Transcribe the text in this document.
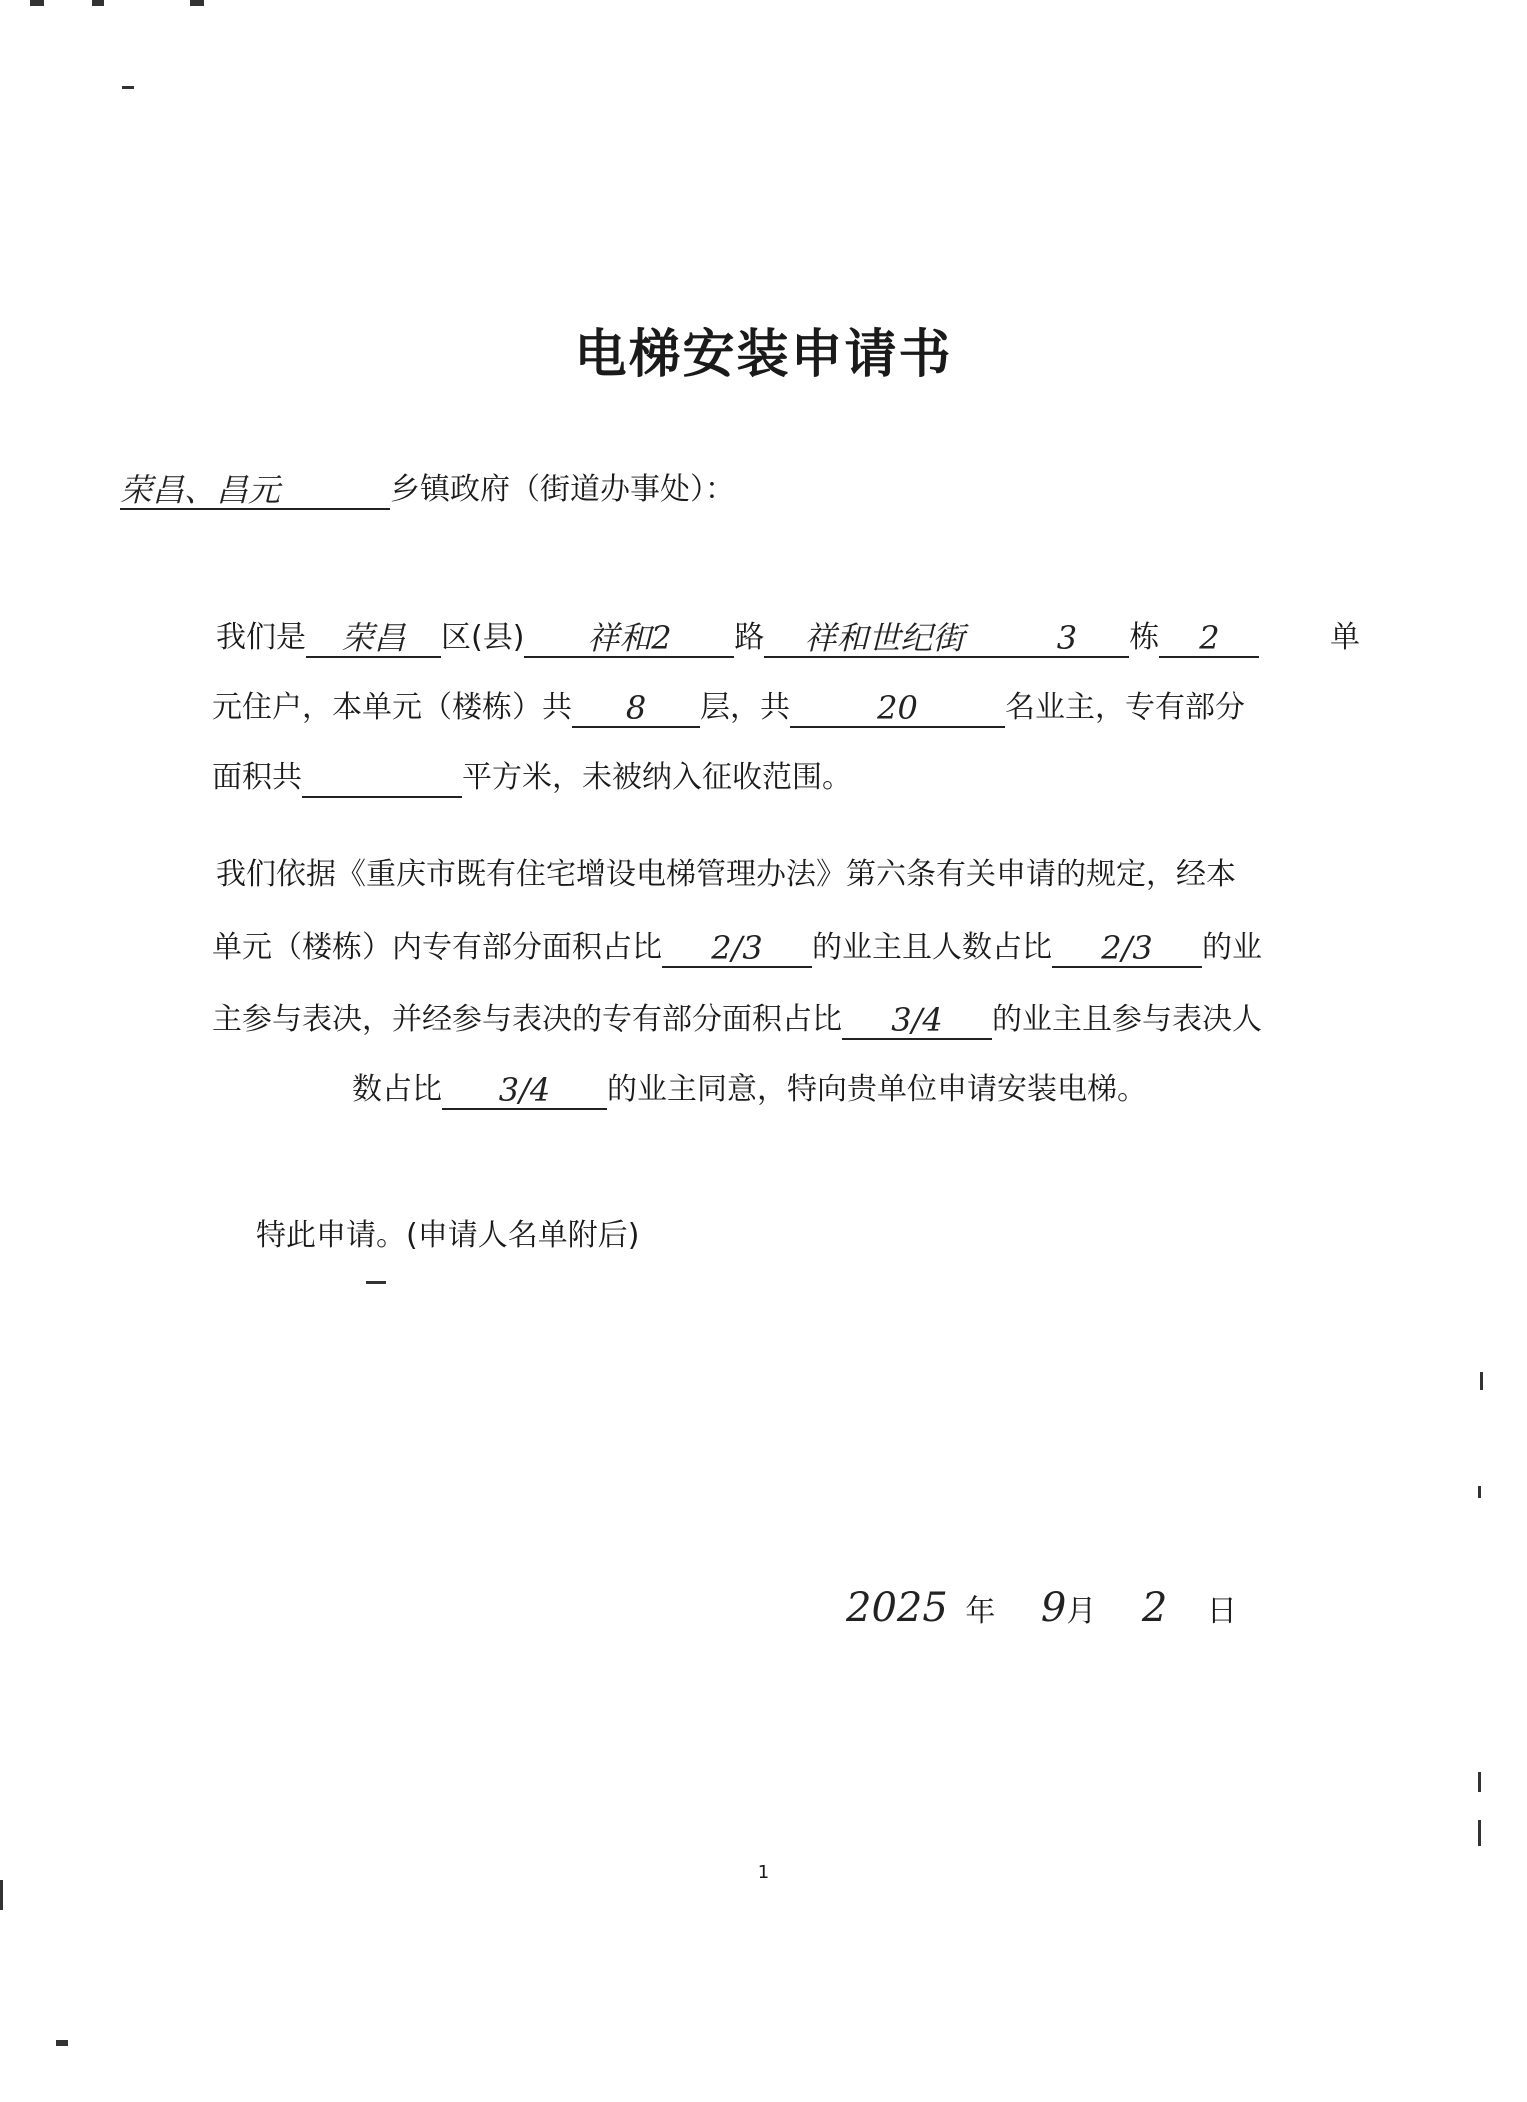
电梯安装申请书
荣昌、昌元	乡镇政府（街道办事处）：
我们是 荣昌 区(县) 祥和2 路 祥和世纪街	3 栋 2	单
元住户，本单元（楼栋）共 8 层，共	20	名业主，专有部分
面积共	平方米，未被纳入征收范围。
我们依据《重庆市既有住宅增设电梯管理办法》第六条有关申请的规定，经本
单元（楼栋）内专有部分面积占比 2/3 的业主且人数占比 2/3 的业
主参与表决，并经参与表决的专有部分面积占比 3/4 的业主且参与表决人
数占比 3/4 的业主同意，特向贵单位申请安装电梯。
特此申请。(申请人名单附后)
2025 年 9月 2 日
1
